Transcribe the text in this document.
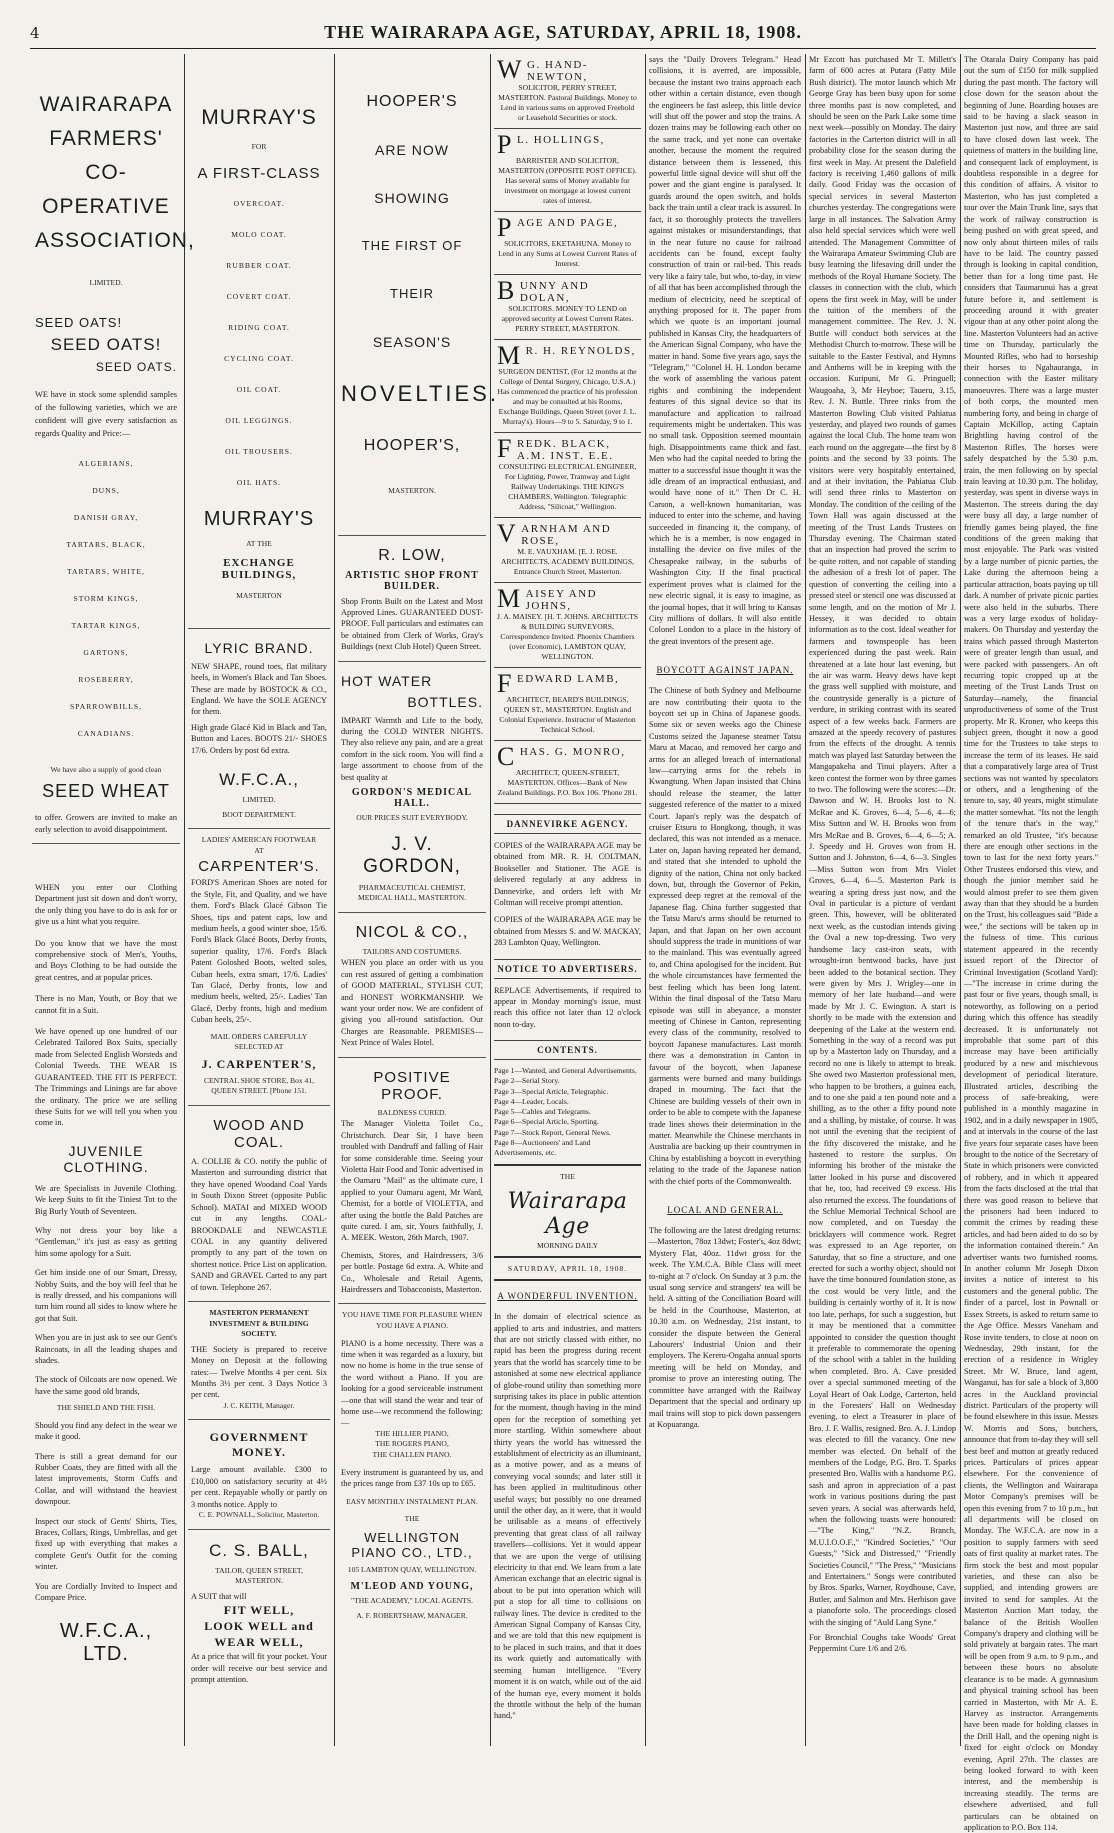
4	THE WAIRARAPA AGE, SATURDAY, APRIL 18, 1908.
WAIRARAPA
FARMERS'
CO-OPERATIVE
ASSOCIATION,
LIMITED.
SEED OATS!
SEED OATS!
SEED OATS.

WE have in stock some splendid samples of the following varieties, which we are confident will give every satisfaction as regards Quality and Price:—

ALGERIANS,
DUNS,
DANISH GRAY,
TARTARS, BLACK,
TARTARS, WHITE,
STORM KINGS,
TARTAR KINGS,
GARTONS,
ROSEBERRY,
SPARROWBILLS,
CANADIANS.
We have also a supply of good clean
SEED WHEAT

to offer. Growers are invited to make an early selection to avoid disappointment.

WHEN you enter our Clothing Department just sit down and don't worry, the only thing you have to do is ask for or give us a hint what you require.

Do you know that we have the most comprehensive stock of Men's, Youths, and Boys Clothing to be had outside the great centres, and at popular prices.

There is no Man, Youth, or Boy that we cannot fit in a Suit.

We have opened up one hundred of our Celebrated Tailored Box Suits, specially made from Selected English Worsteds and Colonial Tweeds. THE WEAR IS GUARANTEED. THE FIT IS PERFECT. The Trimmings and Linings are far above the ordinary. The price we are selling these Suits for we will tell you when you come in.

JUVENILE CLOTHING.

We are Specialists in Juvenile Clothing. We keep Suits to fit the Tiniest Tot to the Big Burly Youth of Seventeen.

Why not dress your boy like a "Gentleman," it's just as easy as getting him some apology for a Suit.

Get him inside one of our Smart, Dressy, Nobby Suits, and the boy will feel that he is really dressed, and his companions will turn him round all sides to know where he got that Suit.

When you are in just ask to see our Gent's Raincoats, in all the leading shapes and shades.

The stock of Oilcoats are now opened. We have the same good old brands,

THE SHIELD AND THE FISH.

Should you find any defect in the wear we make it good.

There is still a great demand for our Rubber Coats, they are fitted with all the latest improvements, Storm Cuffs and Collar, and will withstand the heaviest downpour.

Inspect our stock of Gents' Shirts, Ties, Braces, Collars, Rings, Umbrellas, and get fixed up with everything that makes a complete Gent's Outfit for the coming winter.

You are Cordially Invited to Inspect and Compare Price.

W.F.C.A., LTD.
MURRAY'S
FOR
A FIRST-CLASS
OVERCOAT.
MOLO COAT.
RUBBER COAT.
COVERT COAT.
RIDING COAT.
CYCLING COAT.
OIL COAT.
OIL LEGGINGS.
OIL TROUSERS.
OIL HATS.
MURRAY'S
AT THE
EXCHANGE BUILDINGS,
MASTERTON
LYRIC BRAND.

NEW SHAPE, round toes, flat military heels, in Women's Black and Tan Shoes. These are made by BOSTOCK & CO., England. We have the SOLE AGENCY for them.

High grade Glacé Kid in Black and Tan, Button and Laces. BOOTS 21/- SHOES 17/6. Orders by post 6d extra.

W.F.C.A.,
LIMITED.
BOOT DEPARTMENT.
LADIES' AMERICAN FOOTWEAR
AT
CARPENTER'S.

FORD'S American Shoes are noted for the Style, Fit, and Quality, and we have them. Ford's Black Glacé Gibson Tie Shoes, tips and patent caps, low and medium heels, a good winter shoe, 15/6. Ford's Black Glacé Boots, Derby fronts, superior quality, 17/6. Ford's Black Patent Goloshed Boots, welted soles, Cuban heels, extra smart, 17/6. Ladies' Tan Glacé, Derby fronts, low and medium heels, welted, 25/-. Ladies' Tan Glacé, Derby fronts, high and medium Cuban heels, 25/-.

MAIL ORDERS CAREFULLY SELECTED AT
J. CARPENTER'S,
CENTRAL SHOE STORE, Box 41, QUEEN STREET. [Phone 151.
WOOD AND COAL.

A. COLLIE & CO. notify the public of Masterton and surrounding district that they have opened Woodand Coal Yards in South Dixon Street (opposite Public School). MATAI and MIXED WOOD cut in any lengths. COAL-BROOKDALE and NEWCASTLE COAL in any quantity delivered promptly to any part of the town on shortest notice. Price List on application. SAND and GRAVEL Carted to any part of town. Telephone 267.

MASTERTON PERMANENT INVESTMENT & BUILDING SOCIETY.

THE Society is prepared to receive Money on Deposit at the following rates:— Twelve Months 4 per cent. Six Months 3½ per cent. 3 Days Notice 3 per cent.

J. C. KEITH, Manager.
GOVERNMENT MONEY.

Large amount available. £300 to £10,000 on satisfactory security at 4½ per cent. Repayable wholly or partly on 3 months notice. Apply to

C. E. POWNALL, Solicitor, Masterton.
C. S. BALL,
TAILOR, QUEEN STREET, MASTERTON.

A SUIT that will

FIT WELL,
LOOK WELL and
WEAR WELL,

At a price that will fit your pocket. Your order will receive our best service and prompt attention.

HOOPER'S
ARE NOW SHOWING
THE FIRST OF THEIR
SEASON'S
NOVELTIES.
HOOPER'S,
MASTERTON.
R. LOW,
ARTISTIC SHOP FRONT BUILDER.

Shop Fronts Built on the Latest and Most Approved Lines. GUARANTEED DUST-PROOF. Full particulars and estimates can be obtained from Clerk of Works, Gray's Buildings (next Club Hotel) Queen Street.

HOT WATER
BOTTLES.

IMPART Warmth and Life to the body, during the COLD WINTER NIGHTS. They also relieve any pain, and are a great comfort in the sick room. You will find a large assortment to choose from of the best quality at

GORDON'S MEDICAL HALL.
OUR PRICES SUIT EVERYBODY.
J. V. GORDON,
PHARMACEUTICAL CHEMIST, MEDICAL HALL, MASTERTON.
NICOL & CO.,
TAILORS AND COSTUMERS.

WHEN you place an order with us you can rest assured of getting a combination of GOOD MATERIAL, STYLISH CUT, and HONEST WORKMANSHIP. We want your order now. We are confident of giving you all-round satisfaction. Our Charges are Reasonable. PREMISES—Next Prince of Wales Hotel.

POSITIVE PROOF.
BALDNESS CURED.

The Manager Violetta Toilet Co., Christchurch. Dear Sir, I have been troubled with Dandruff and falling of Hair for some considerable time. Seeing your Violetta Hair Food and Tonic advertised in the Oamaru "Mail" as the ultimate cure, I applied to your Oamaru agent, Mr Ward, Chemist, for a bottle of VIOLETTA, and after using the bottle the Bald Patches are quite cured. I am, sir, Yours faithfully, J. A. MEEK. Weston, 26th March, 1907.

Chemists, Stores, and Hairdressers, 3/6 per bottle. Postage 6d extra. A. White and Co., Wholesale and Retail Agents, Hairdressers and Tobacconists, Masterton.

YOU HAVE TIME FOR PLEASURE WHEN YOU HAVE A PIANO.

PIANO is a home necessity. There was a time when it was regarded as a luxury, but now no home is home in the true sense of the word without a Piano. If you are looking for a good serviceable instrument—one that will stand the wear and tear of home use—we recommend the following:—

THE HILLIER PIANO,
THE ROGERS PIANO,
THE CHALLEN PIANO.

Every instrument is guaranteed by us, and the prices range from £37 10s up to £65.

EASY MONTHLY INSTALMENT PLAN.
THE
WELLINGTON PIANO CO., LTD.,
105 LAMBTON QUAY, WELLINGTON.
M'LEOD AND YOUNG,
"THE ACADEMY," LOCAL AGENTS.
A. F. ROBERTSHAW, MANAGER.
W G. HAND-NEWTON,
SOLICITOR, PERRY STREET, MASTERTON. Pastoral Buildings. Money to Lend in various sums on approved Freehold or Leasehold Securities or stock.
P L. HOLLINGS,
BARRISTER AND SOLICITOR, MASTERTON (OPPOSITE POST OFFICE). Has several sums of Money available for investment on mortgage at lowest current rates of interest.
PAGE AND PAGE,
SOLICITORS, EKETAHUNA. Money to Lend in any Sums at Lowest Current Rates of Interest.
BUNNY AND DOLAN,
SOLICITORS. MONEY TO LEND on approved security at Lowest Current Rates. PERRY STREET, MASTERTON.
M R. H. REYNOLDS,
SURGEON DENTIST, (For 12 months at the College of Dental Surgery, Chicago, U.S.A.) Has commenced the practice of his profession and may be consulted at his Rooms, Exchange Buildings, Queen Street (over J. L. Murray's). Hours—9 to 5. Saturday, 9 to 1.
FREDK. BLACK, A.M. INST. E.E.
CONSULTING ELECTRICAL ENGINEER, For Lighting, Power, Tramway and Light Railway Undertakings. THE KING'S CHAMBERS, Wellington. Telegraphic Address, "Silicoat," Wellington.
VARNHAM AND ROSE,
M. E. VAUXHAM. [E. J. ROSE. ARCHITECTS, ACADEMY BUILDINGS, Entrance Church Street, Masterton.
MAISEY AND JOHNS,
J. A. MAISEY. [H. T. JOHNS. ARCHITECTS & BUILDING SURVEYORS, Correspondence Invited. Phoenix Chambers (over Economic), LAMBTON QUAY, WELLINGTON.
FEDWARD LAMB,
ARCHITECT, BEARD'S BUILDINGS, QUEEN ST., MASTERTON. English and Colonial Experience. Instructor of Masterton Technical School.
CHAS. G. MONRO,
ARCHITECT, QUEEN-STREET, MASTERTON. Offices—Bank of New Zealand Buildings. P.O. Box 106. 'Phone 281.
DANNEVIRKE AGENCY.

COPIES of the WAIRARAPA AGE may be obtained from MR. R. H. COLTMAN, Bookseller and Stationer. The AGE is delivered regularly at any address in Dannevirke, and orders left with Mr Coltman will receive prompt attention.

COPIES of the WAIRARAPA AGE may be obtained from Messrs S. and W. MACKAY, 283 Lambton Quay, Wellington.

NOTICE TO ADVERTISERS.

REPLACE Advertisements, if required to appear in Monday morning's issue, must reach this office not later than 12 o'clock noon to-day.

CONTENTS.
Page 1—Wanted, and General Advertisements.
Page 2—Serial Story.
Page 3—Special Article, Telegraphic.
Page 4—Leader, Locals.
Page 5—Cables and Telegrams.
Page 6—Special Article, Sporting.
Page 7—Stock Report, General News.
Page 8—Auctioneers' and Land Advertisements, etc.
THE
Wairarapa Age
MORNING DAILY
SATURDAY, APRIL 18, 1908.
A WONDERFUL INVENTION.

In the domain of electrical science as applied to arts and industries, and matters that are not strictly classed with either, no rapid has been the progress during recent years that the world has scarcely time to be astonished at some new electrical appliance of globe-round utility than something more surprising takes its place in public attention for the moment, though having in the mind open for the reception of something yet more startling. Within somewhere about thirty years the world has witnessed the establishment of electricity as an illuminant, as a motive power, and as a means of conveying vocal sounds; and later still it has been applied in multitudinous other useful ways; but possibly no one dreamed until the other day, as it were, that it would be utilisable as a means of effectively preventing that great class of all railway travellers—collisions. Yet it would appear that we are upon the verge of utilising electricity to that end. We learn from a late American exchange that an electric signal is about to be put into operation which will put a stop for all time to collisions on railway lines. The device is credited to the American Signal Company of Kansas City, and we are told that this new equipment is to be placed in such trains, and that it does its work quietly and automatically with seeming human intelligence. "Every moment it is on watch, while out of the aid of the human eye, every moment it holds the throttle without the help of the human hand,"

says the "Daily Drovers Telegram." Head collisions, it is averred, are impossible, because the instant two trains approach each other within a certain distance, even though the engineers be fast asleep, this little device will shut off the power and stop the trains. A dozen trains may be following each other on the same track, and yet none can overtake another, because the moment the required distance between them is lessened, this powerful little signal device will shut off the power and the giant engine is paralysed. It guards around the open switch, and holds back the train until a clear track is assured. In fact, it so thoroughly protects the travellers against mistakes or misunderstandings, that in the near future no cause for railroad accidents can be found, except faulty construction of train or rail-bed. This reads very like a fairy tale, but who, to-day, in view of all that has been accomplished through the medium of electricity, need be sceptical of anything proposed for it. The paper from which we quote is an important journal published in Kansas City, the headquarters of the American Signal Company, who have the matter in hand. Some five years ago, says the "Telegram," "Colonel H. H. London became the work of assembling the various patent rights and combining the independent features of this signal device so that its manufacture and application to railroad requirements might be undertaken. This was no small task. Opposition seemed mountain high. Disappointments came thick and fast. Men who had the capital needed to bring the matter to a successful issue thought it was the idle dream of an impractical enthusiast, and would have none of it." Then Dr C. H. Carson, a well-known humanitarian, was induced to enter into the scheme, and having succeeded in financing it, the company, of which he is a member, is now engaged in installing the device on five miles of the Chesapeake railway, in the suburbs of Washington City. If the final practical experiment proves what is claimed for the new electric signal, it is easy to imagine, as the journal hopes, that it will bring to Kansas City millions of dollars. It will also entitle Colonel London to a place in the history of the great inventors of the present age.

BOYCOTT AGAINST JAPAN.

The Chinese of both Sydney and Melbourne are now contributing their quota to the boycott set up in China of Japanese goods. Some six or seven weeks ago the Chinese Customs seized the Japanese steamer Tatsu Maru at Macao, and removed her cargo and arms for an alleged breach of international law—carrying arms for the rebels in Kwangtung. When Japan insisted that China should release the steamer, the latter suggested reference of the matter to a mixed Court. Japan's reply was the despatch of cruiser Etsuru to Hongkong, though, it was declared, this was not intended as a menace. Later on, Japan having repeated her demand, and stated that she intended to uphold the dignity of the nation, China not only backed down, but, through the Governor of Pekin, expressed deep regret at the removal of the Japanese flag. China further suggested that the Tatsu Maru's arms should be returned to Japan, and that Japan on her own account should suppress the trade in munitions of war to the mainland. This was eventually agreed to, and China apologised for the incident. But the whole circumstances have fermented the best feeling which has been long latent. Within the final disposal of the Tatsu Maru episode was still in abeyance, a monster meeting of Chinese in Canton, representing every class of the community, resolved to boycott Japanese manufactures. Last month there was a demonstration in Canton in favour of the boycott, when Japanese garments were burned and many buildings draped in mourning. The fact that the Chinese are building vessels of their own in order to be able to compete with the Japanese trade lines shows their determination in the matter. Meanwhile the Chinese merchants in Australia are backing up their countrymen in China by establishing a boycott in everything relating to the trade of the Japanese nation with the chief ports of the Commonwealth.

LOCAL AND GENERAL.

The following are the latest dredging returns:—Masterton, 78oz 13dwt; Foster's, 4oz 8dwt; Mystery Flat, 40oz. 11dwt gross for the week. The Y.M.C.A. Bible Class will meet to-night at 7 o'clock. On Sunday at 3 p.m. the usual song service and strangers' tea will be held. A sitting of the Conciliation Board will be held in the Courthouse, Masterton, at 10.30 a.m. on Wednesday, 21st instant, to consider the dispute between the General Labourers' Industrial Union and their employers. The Kereru-Ongaha annual sports meeting will be held on Monday, and promise to prove an interesting outing. The committee have arranged with the Railway Department that the special and ordinary up mail trains will stop to pick down passengers at Kopuaranga.

Mr Ezcott has purchased Mr T. Millett's farm of 600 acres at Putara (Fatty Mile Bush district). The motor launch which Mr George Gray has been busy upon for some three months past is now completed, and should be seen on the Park Lake some time next week—possibly on Monday. The dairy factories in the Carterton district will in all probability close for the season during the first week in May. At present the Dalefield factory is receiving 1,460 gallons of milk daily. Good Friday was the occasion of special services in several Masterton churches yesterday. The congregations were large in all instances. The Salvation Army also held special services which were well attended. The Management Committee of the Wairarapa Amateur Swimming Club are busy learning the lifesaving drill under the methods of the Royal Humane Society. The classes in connection with the club, which opens the first week in May, will be under the tuition of the members of the management committee. The Rev. J. N. Buttle will conduct both services at the Methodist Church to-morrow. These will be suitable to the Easter Festival, and Hymns and Anthems will be in keeping with the occasion. Kuripuni, Mr G. Pringuell; Waugoaha, 3, Mr Heyboe; Taueru, 3.15, Rev. J. N. Buttle. Three rinks from the Masterton Bowling Club visited Pahiatua yesterday, and played two rounds of games against the local Club. The home team won each round on the aggregate—the first by 8 points and the second by 33 points. The visitors were very hospitably entertained, and at their invitation, the Pahiatua Club will send three rinks to Masterton on Monday. The condition of the ceiling of the Town Hall was again discussed at the meeting of the Trust Lands Trustees on Thursday evening. The Chairman stated that an inspection had proved the scrim to be quite rotten, and not capable of standing the adhesion of a fresh lot of paper. The question of converting the ceiling into a pressed steel or stencil one was discussed at some length, and on the motion of Mr J. Hessey, it was decided to obtain information as to the cost. Ideal weather for farmers and townspeople has been experienced during the past week. Rain threatened at a late hour last evening, but the air was warm. Heavy dews have kept the grass well supplied with moisture, and the countryside generally is a picture of verdure, in striking contrast with its seared aspect of a few weeks back. Farmers are amazed at the speedy recovery of pastures from the effects of the drought. A tennis match was played last Saturday between the Mangapakeha and Tinui players. After a keen contest the former won by three games to two. The following were the scores:—Dr. Dawson and W. H. Brooks lost to N. McRae and K. Groves, 6—4, 5—6, 4—6; Miss Sutton and W. H. Brooks won from Mrs McRae and B. Groves, 6—4, 6—5; A. J. Speedy and H. Groves won from H. Sutton and J. Johnston, 6—4, 6—3. Singles—Miss Sutton won from Mrs Violet Groves, 6—4, 6—5. Masterton Park is wearing a spring dress just now, and the Oval in particular is a picture of verdant green. This, however, will be obliterated next week, as the custodian intends giving the Oval a new top-dressing. Two very handsome lacy cast-iron seats, with wrought-iron bentwood backs, have just been added to the botanical section. They were given by Mrs J. Wrigley—one in memory of her late husband—and were made by Mr J. C. Ewington. A start is shortly to be made with the extension and deepening of the Lake at the western end. Something in the way of a record was put up by a Masterton lady on Thursday, and a record no one is likely to attempt to break. She owed two Masterton professional men, who happen to be brothers, a guinea each, and to one she paid a ten pound note and a shilling, as to the other a fifty pound note and a shilling, by mistake, of course. It was not until the evening that the recipient of the fifty discovered the mistake, and he hastened to restore the surplus. On informing his brother of the mistake the latter looked in his purse and discovered that he, too, had received £9 excess. His also returned the excess. The foundations of the Schlue Memorial Technical School are now completed, and on Tuesday the bricklayers will commence work. Regret was expressed to an Age reporter, on Saturday, that so fine a structure, and one erected for such a worthy object, should not have the time honoured foundation stone, as the cost would be very little, and the building is certainly worthy of it. It is now too late, perhaps, for such a suggestion, but it may be mentioned that a committee appointed to consider the question thought it preferable to commemorate the opening of the school with a tablet in the building when completed. Bro. A. Cave presided over a special summoned meeting of the Loyal Heart of Oak Lodge, Carterton, held in the Foresters' Hall on Wednesday evening, to elect a Treasurer in place of Bro. J. F. Wallis, resigned. Bro. A. J. Lindop was elected to fill the vacancy. One new member was elected. On behalf of the members of the Lodge, P.G. Bro. T. Sparks presented Bro. Wallis with a handsome P.G. sash and apron in appreciation of a past work in various positions during the past seven years. A social was afterwards held, when the following toasts were honoured:—"The King," "N.Z. Branch, M.U.I.O.O.F.," "Kindred Societies," "Our Guests," "Sick and Distressed," "Friendly Societies Council," "The Press," "Musicians and Entertainers." Songs were contributed by Bros. Sparks, Warner, Roydhouse, Cave, Butler, and Salmon and Mrs. Herbison gave a pianoforte solo. The proceedings closed with the singing of "Auld Lang Syne."

For Bronchial Coughs take Woods' Great Peppermint Cure 1/6 and 2/6.

The Otarala Dairy Company has paid out the sum of £150 for milk supplied during the past month. The factory will close down for the season about the beginning of June. Boarding houses are said to be having a slack season in Masterton just now, and three are said to have closed down last week. The quietness of matters in the building line, and consequent lack of employment, is doubtless responsible in a degree for this condition of affairs. A visitor to Masterton, who has just completed a tour over the Main Trunk line, says that the work of railway construction is being pushed on with great speed, and now only about thirteen miles of rails have to be laid. The country passed through is looking in capital condition, better than for a long time past. He considers that Taumarunui has a great future before it, and settlement is proceeding around it with greater vigour than at any other point along the line. Masterton Volunteers had an active time on Thursday, particularly the Mounted Rifles, who had to horseship their horses to Ngahauranga, in connection with the Easter military manoeuvres. There was a large muster of both corps, the mounted men numbering forty, and being in charge of Captain McKillop, acting Captain Brightling having control of the Masterton Rifles. The horses were safely despatched by the 5.30 p.m. train, the men following on by special train leaving at 10.30 p.m. The holiday, yesterday, was spent in diverse ways in Masterton. The streets during the day were busy all day, a large number of friendly games being played, the fine conditions of the green making that most enjoyable. The Park was visited by a large number of picnic parties, the Lake during the afternoon being a particular attraction, boats paying up till dark. A number of private picnic parties were also held in the suburbs. There was a very large exodus of holiday-makers. On Thursday and yesterday the trains which passed through Masterton were of greater length than usual, and were packed with passengers. An oft recurring topic cropped up at the meeting of the Trust Lands Trust on Saturday—namely, the financial unproductiveness of some of the Trust property. Mr R. Kroner, who keeps this subject green, thought it now a good time for the Trustees to take steps to increase the term of its leases. He said that a comparatively large area of Trust sections was not wanted by speculators or others, and a lengthening of the tenure to, say, 40 years, might stimulate the matter somewhat. "Its not the length of the tenure that's in the way," remarked an old Trustee, "it's because there are enough other sections in the town to last for the next forty years." Other Trustees endorsed this view, and though the junior member said he would almost prefer to see them given away than that they should be a burden on the Trust, his colleagues said "Bide a wee," the sections will be taken up in the fulness of time. This curious statement appeared in the recently issued report of the Director of Criminal Investigation (Scotland Yard):—"The increase in crime during the past four or five years, though small, is noteworthy, as following on a period during which this offence has steadily decreased. It is unfortunately not improbable that some part of this increase may have been artificially produced by a new and mischievous development of periodical literature. Illustrated articles, describing the process of safe-breaking, were published in a monthly magazine in 1902, and in a daily newspaper in 1905, and at intervals in the course of the last five years four separate cases have been brought to the notice of the Secretary of State in which prisoners were convicted of robbery, and in which it appeared from the facts disclosed at the trial that there was good reason to believe that the prisoners had been induced to commit the crimes by reading these articles, and had been aided to do so by the information contained therein." An advertiser wants two furnished rooms. In another column Mr Joseph Dixon invites a notice of interest to his customers and the general public. The finder of a parcel, lost in Pownall or Essex Streets, is asked to return same to the Age Office. Messrs Vaneham and Rose invite tenders, to close at noon on Wednesday, 29th instant, for the erection of a residence in Wrigley Street. Mr W. Bruce, land agent, Wanganui, has for sale a block of 3,800 acres in the Auckland provincial district. Particulars of the property will be found elsewhere in this issue. Messrs W. Morris and Sons, butchers, announce that from to-day they will sell best beef and mutton at greatly reduced prices. Particulars of prices appear elsewhere. For the convenience of clients, the Wellington and Wairarapa Motor Company's premises will be open this evening from 7 to 10 p.m., but all departments will be closed on Monday. The W.F.C.A. are now in a position to supply farmers with seed oats of first quality at market rates. The firm stock the best and most popular varieties, and these can also be supplied, and intending growers are invited to send for samples. At the Masterton Auction Mart today, the balance of the British Woollen Company's drapery and clothing will be sold privately at bargain rates. The mart will be open from 9 a.m. to 9 p.m., and between these hours no absolute clearance is to be made. A gymnasium and physical training school has been carried in Masterton, with Mr A. E. Harvey as instructor. Arrangements have been made for holding classes in the Drill Hall, and the opening night is fixed for eight o'clock on Monday evening, April 27th. The classes are being looked forward to with keen interest, and the membership is increasing steadily. The terms are elsewhere advertised, and full particulars can be obtained on application to P.O. Box 114.
